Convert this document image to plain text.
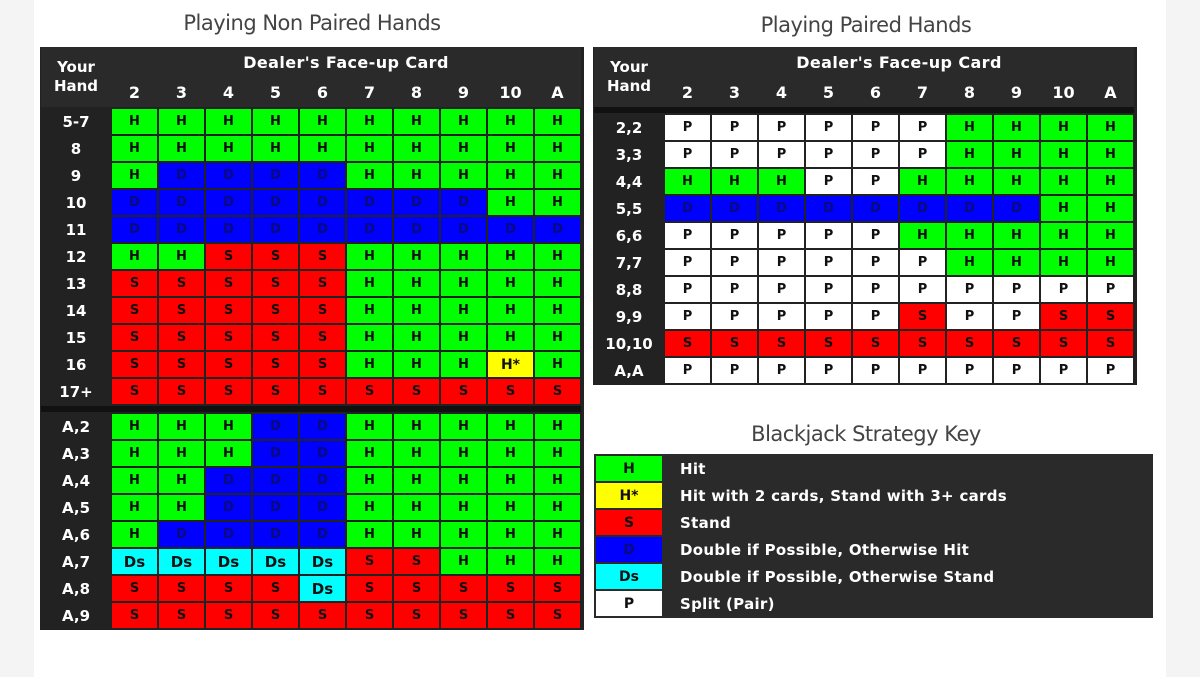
Playing Non Paired Hands	Playing Paired Hands
Your
Hand	Dealer's Face-up Card									
	2	3	4	5	6	7	8	9	10	A
5-7	H	H	H	H	H	H	H	H	H	H
8	H	H	H	H	H	H	H	H	H	H
9	H	D	D	D	D	H	H	H	H	H
10	D	D	D	D	D	D	D	D	H	H
11	D	D	D	D	D	D	D	D	D	D
12	H	H	S	S	S	H	H	H	H	H
13	S	S	S	S	S	H	H	H	H	H
14	S	S	S	S	S	H	H	H	H	H
15	S	S	S	S	S	H	H	H	H	H
16	S	S	S	S	S	H	H	H	H*	H
17+	S	S	S	S	S	S	S	S	S	S

A,2	H	H	H	D	D	H	H	H	H	H
A,3	H	H	H	D	D	H	H	H	H	H
A,4	H	H	D	D	D	H	H	H	H	H
A,5	H	H	D	D	D	H	H	H	H	H
A,6	H	D	D	D	D	H	H	H	H	H
A,7	Ds	Ds	Ds	Ds	Ds	S	S	H	H	H
A,8	S	S	S	S	Ds	S	S	S	S	S
A,9	S	S	S	S	S	S	S	S	S	S
Your
Hand	Dealer's Face-up Card									
	2	3	4	5	6	7	8	9	10	A

2,2	P	P	P	P	P	P	H	H	H	H
3,3	P	P	P	P	P	P	H	H	H	H
4,4	H	H	H	P	P	H	H	H	H	H
5,5	D	D	D	D	D	D	D	D	H	H
6,6	P	P	P	P	P	H	H	H	H	H
7,7	P	P	P	P	P	P	H	H	H	H
8,8	P	P	P	P	P	P	P	P	P	P
9,9	P	P	P	P	P	S	P	P	S	S
10,10	S	S	S	S	S	S	S	S	S	S
A,A	P	P	P	P	P	P	P	P	P	P
Blackjack Strategy Key
H	Hit
H*	Hit with 2 cards, Stand with 3+ cards
S	Stand
D	Double if Possible, Otherwise Hit
Ds	Double if Possible, Otherwise Stand
P	Split (Pair)
